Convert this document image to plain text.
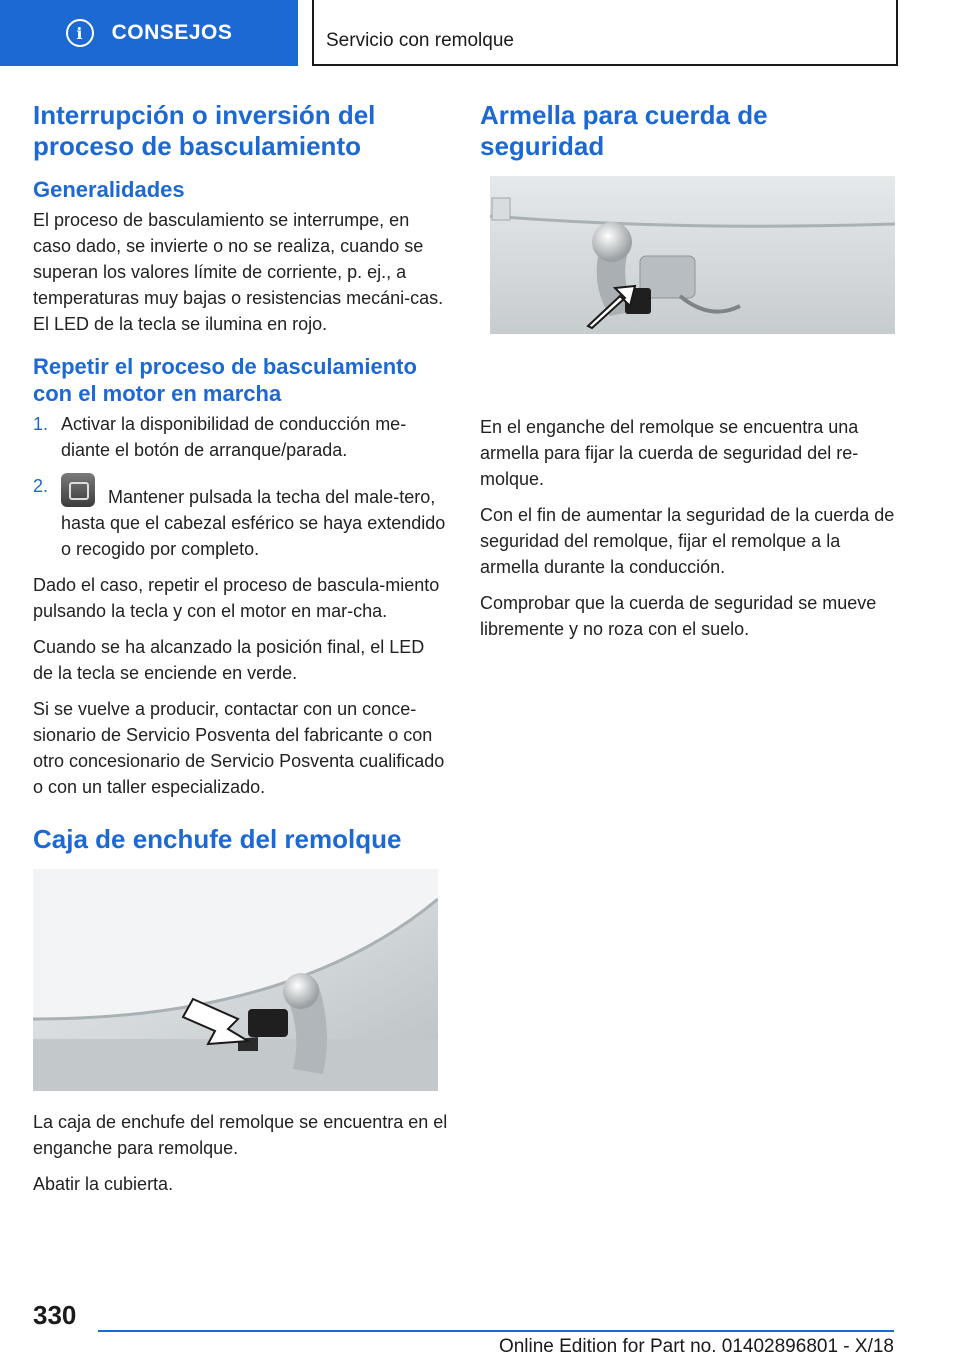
i	CONSEJOS	Servicio con remolque
Interrupción o inversión del proceso de basculamiento
Generalidades

El proceso de basculamiento se interrumpe, en caso dado, se invierte o no se realiza, cuando se superan los valores límite de corriente, p. ej., a temperaturas muy bajas o resistencias mecáni-cas. El LED de la tecla se ilumina en rojo.

Repetir el proceso de basculamiento con el motor en marcha
1. Activar la disponibilidad de conducción me-diante el botón de arranque/parada.
2.
Mantener pulsada la techa del male-tero, hasta que el cabezal esférico se haya extendido o recogido por completo.

Dado el caso, repetir el proceso de bascula-miento pulsando la tecla y con el motor en mar-cha.

Cuando se ha alcanzado la posición final, el LED de la tecla se enciende en verde.

Si se vuelve a producir, contactar con un conce-sionario de Servicio Posventa del fabricante o con otro concesionario de Servicio Posventa cualificado o con un taller especializado.

Caja de enchufe del remolque

La caja de enchufe del remolque se encuentra en el enganche para remolque.

Abatir la cubierta.

Armella para cuerda de seguridad

En el enganche del remolque se encuentra una armella para fijar la cuerda de seguridad del re-molque.

Con el fin de aumentar la seguridad de la cuerda de seguridad del remolque, fijar el remolque a la armella durante la conducción.

Comprobar que la cuerda de seguridad se mueve libremente y no roza con el suelo.

330
Online Edition for Part no. 01402896801 - X/18
